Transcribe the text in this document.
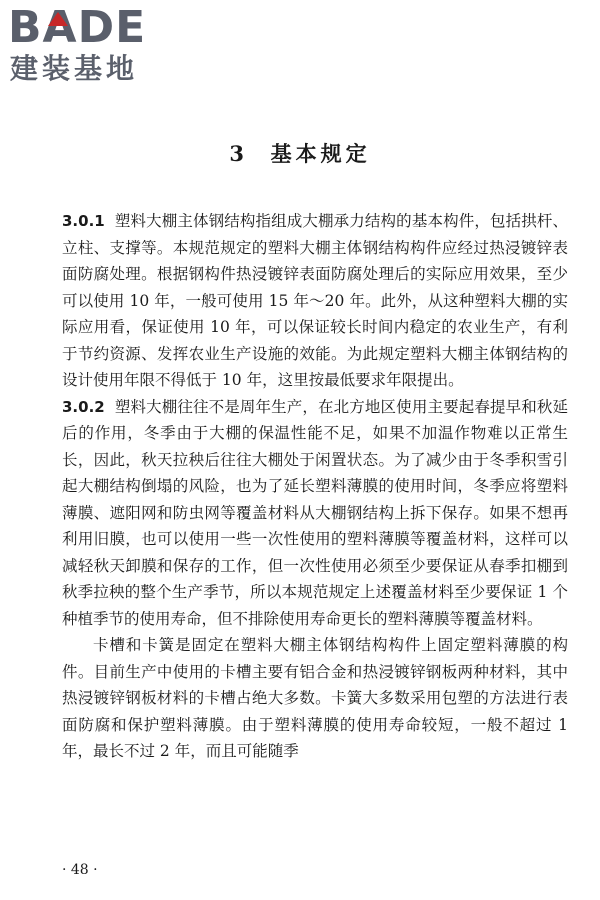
BADE
建装基地
3 基本规定

3.0.1 塑料大棚主体钢结构指组成大棚承力结构的基本构件，包括拱杆、立柱、支撑等。本规范规定的塑料大棚主体钢结构构件应经过热浸镀锌表面防腐处理。根据钢构件热浸镀锌表面防腐处理后的实际应用效果，至少可以使用 10 年，一般可使用 15 年～20 年。此外，从这种塑料大棚的实际应用看，保证使用 10 年，可以保证较长时间内稳定的农业生产，有利于节约资源、发挥农业生产设施的效能。为此规定塑料大棚主体钢结构的设计使用年限不得低于 10 年，这里按最低要求年限提出。

3.0.2 塑料大棚往往不是周年生产，在北方地区使用主要起春提早和秋延后的作用，冬季由于大棚的保温性能不足，如果不加温作物难以正常生长，因此，秋天拉秧后往往大棚处于闲置状态。为了减少由于冬季积雪引起大棚结构倒塌的风险，也为了延长塑料薄膜的使用时间，冬季应将塑料薄膜、遮阳网和防虫网等覆盖材料从大棚钢结构上拆下保存。如果不想再利用旧膜，也可以使用一些一次性使用的塑料薄膜等覆盖材料，这样可以减轻秋天卸膜和保存的工作，但一次性使用必须至少要保证从春季扣棚到秋季拉秧的整个生产季节，所以本规范规定上述覆盖材料至少要保证 1 个种植季节的使用寿命，但不排除使用寿命更长的塑料薄膜等覆盖材料。

卡槽和卡簧是固定在塑料大棚主体钢结构构件上固定塑料薄膜的构件。目前生产中使用的卡槽主要有铝合金和热浸镀锌钢板两种材料，其中热浸镀锌钢板材料的卡槽占绝大多数。卡簧大多数采用包塑的方法进行表面防腐和保护塑料薄膜。由于塑料薄膜的使用寿命较短，一般不超过 1 年，最长不过 2 年，而且可能随季

· 48 ·
